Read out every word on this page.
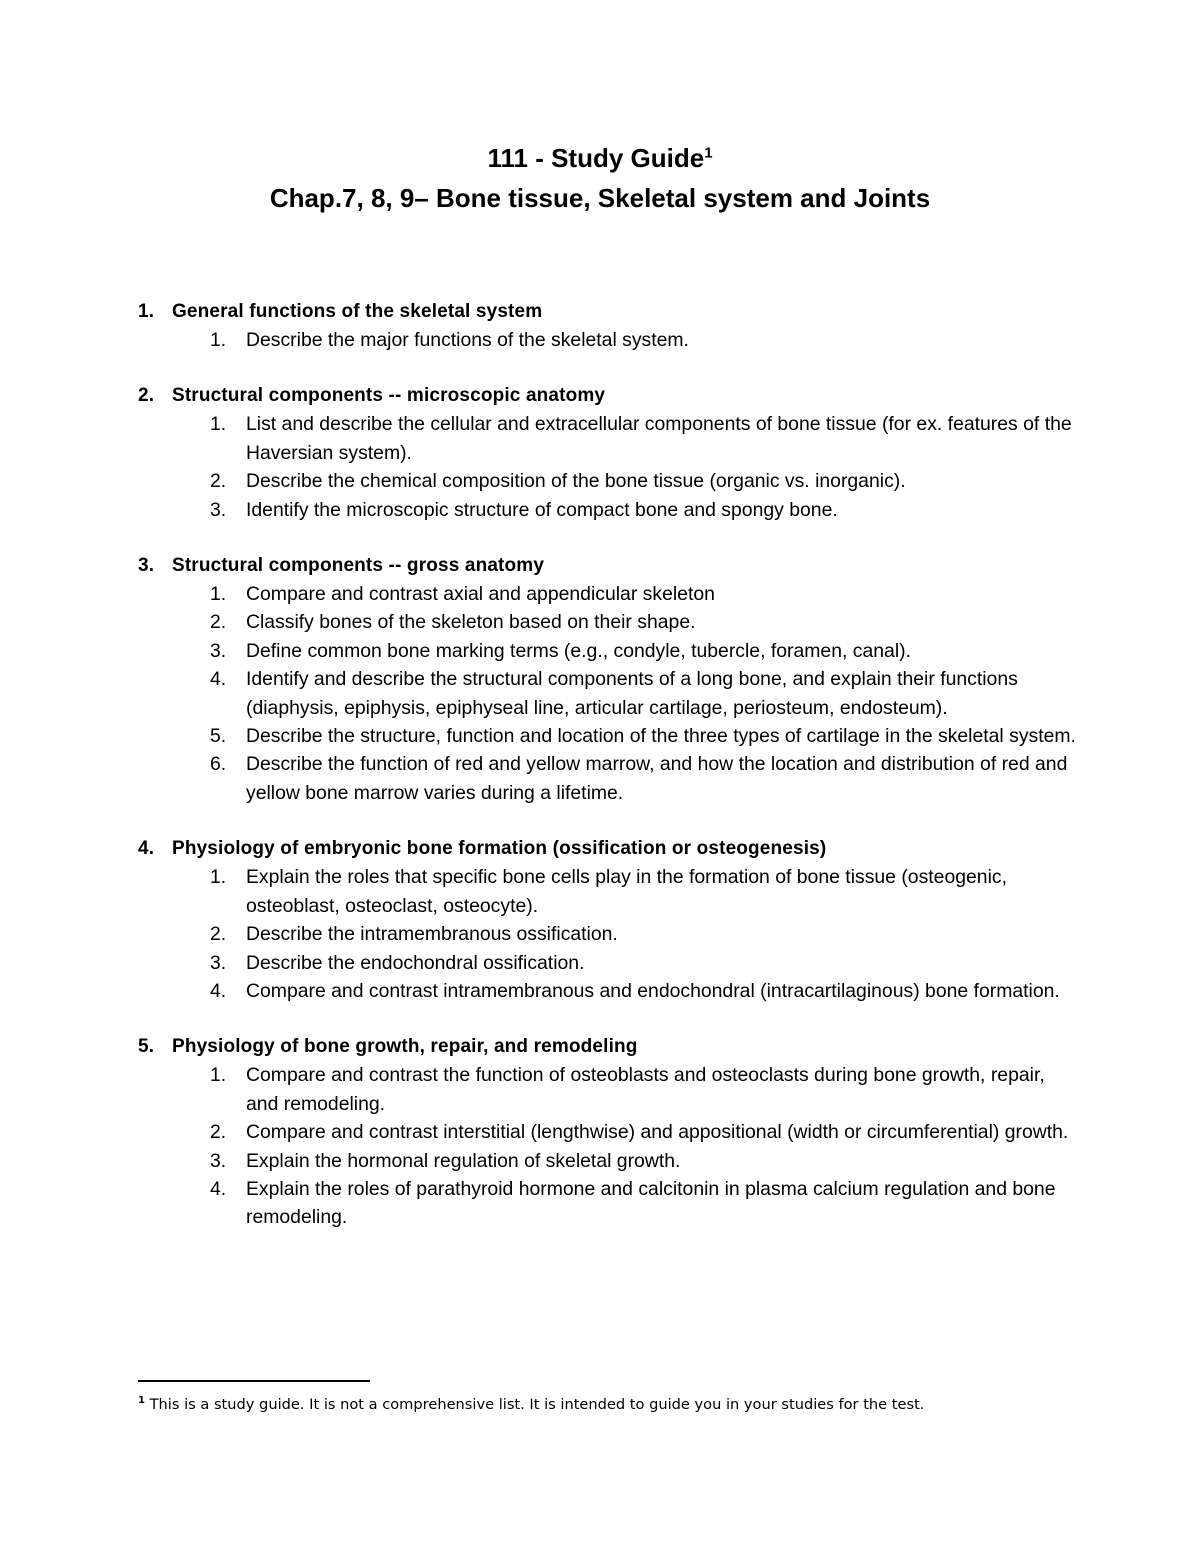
111 - Study Guide$^1$
Chap.7, 8, 9– Bone tissue, Skeletal system and Joints
1. General functions of the skeletal system
1.	Describe the major functions of the skeletal system.
2. Structural components -- microscopic anatomy
1.	List and describe the cellular and extracellular components of bone tissue (for ex. features of the Haversian system).
2.	Describe the chemical composition of the bone tissue (organic vs. inorganic).
3.	Identify the microscopic structure of compact bone and spongy bone.
3. Structural components -- gross anatomy
1.	Compare and contrast axial and appendicular skeleton
2.	Classify bones of the skeleton based on their shape.
3.	Define common bone marking terms (e.g., condyle, tubercle, foramen, canal).
4.	Identify and describe the structural components of a long bone, and explain their functions (diaphysis, epiphysis, epiphyseal line, articular cartilage, periosteum, endosteum).
5.	Describe the structure, function and location of the three types of cartilage in the skeletal system.
6.	Describe the function of red and yellow marrow, and how the location and distribution of red and yellow bone marrow varies during a lifetime.
4. Physiology of embryonic bone formation (ossification or osteogenesis)
1.	Explain the roles that specific bone cells play in the formation of bone tissue (osteogenic, osteoblast, osteoclast, osteocyte).
2.	Describe the intramembranous ossification.
3.	Describe the endochondral ossification.
4.	Compare and contrast intramembranous and endochondral (intracartilaginous) bone formation.
5. Physiology of bone growth, repair, and remodeling
1.	Compare and contrast the function of osteoblasts and osteoclasts during bone growth, repair, and remodeling.
2.	Compare and contrast interstitial (lengthwise) and appositional (width or circumferential) growth.
3.	Explain the hormonal regulation of skeletal growth.
4.	Explain the roles of parathyroid hormone and calcitonin in plasma calcium regulation and bone remodeling.
$^1$ This is a study guide. It is not a comprehensive list. It is intended to guide you in your studies for the test.
